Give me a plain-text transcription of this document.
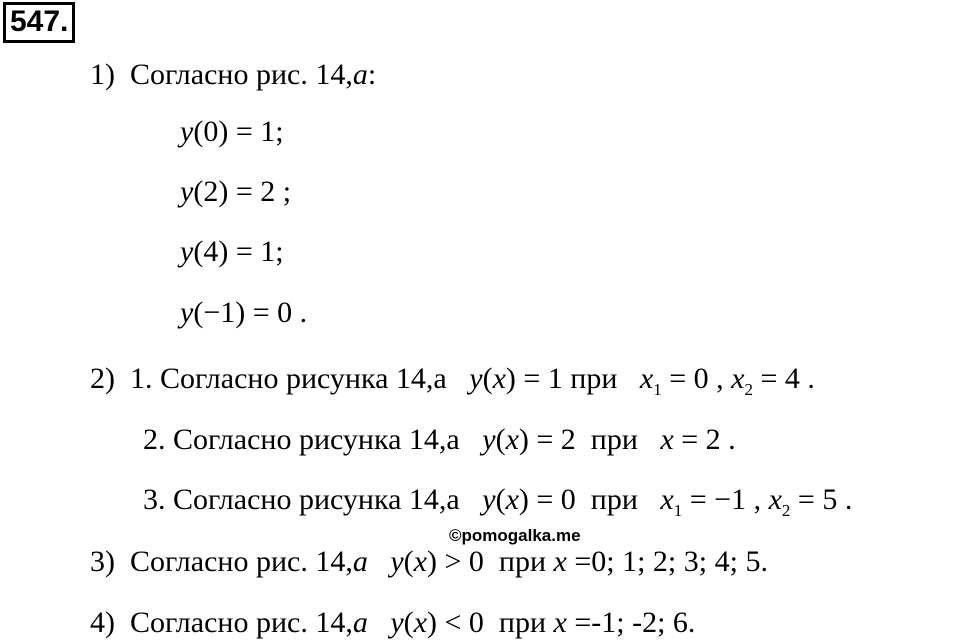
547.
1) Согласно рис. 14,a:
y(0) = 1;
y(2) = 2 ;
y(4) = 1;
y(−1) = 0 .
2) 1. Согласно рисунка 14,а y(x) = 1 при $x_1 = 0$ , $x_2 = 4$ .
2. Согласно рисунка 14,а y(x) = 2  при x = 2 .
3. Согласно рисунка 14,а y(x) = 0  при $x_1 = -1$ , $x_2 = 5$ .
©pomogalka.me
3) Согласно рис. 14,a y(x) > 0  при x =0; 1; 2; 3; 4; 5.
4) Согласно рис. 14,a y(x) < 0  при x =-1; -2; 6.
